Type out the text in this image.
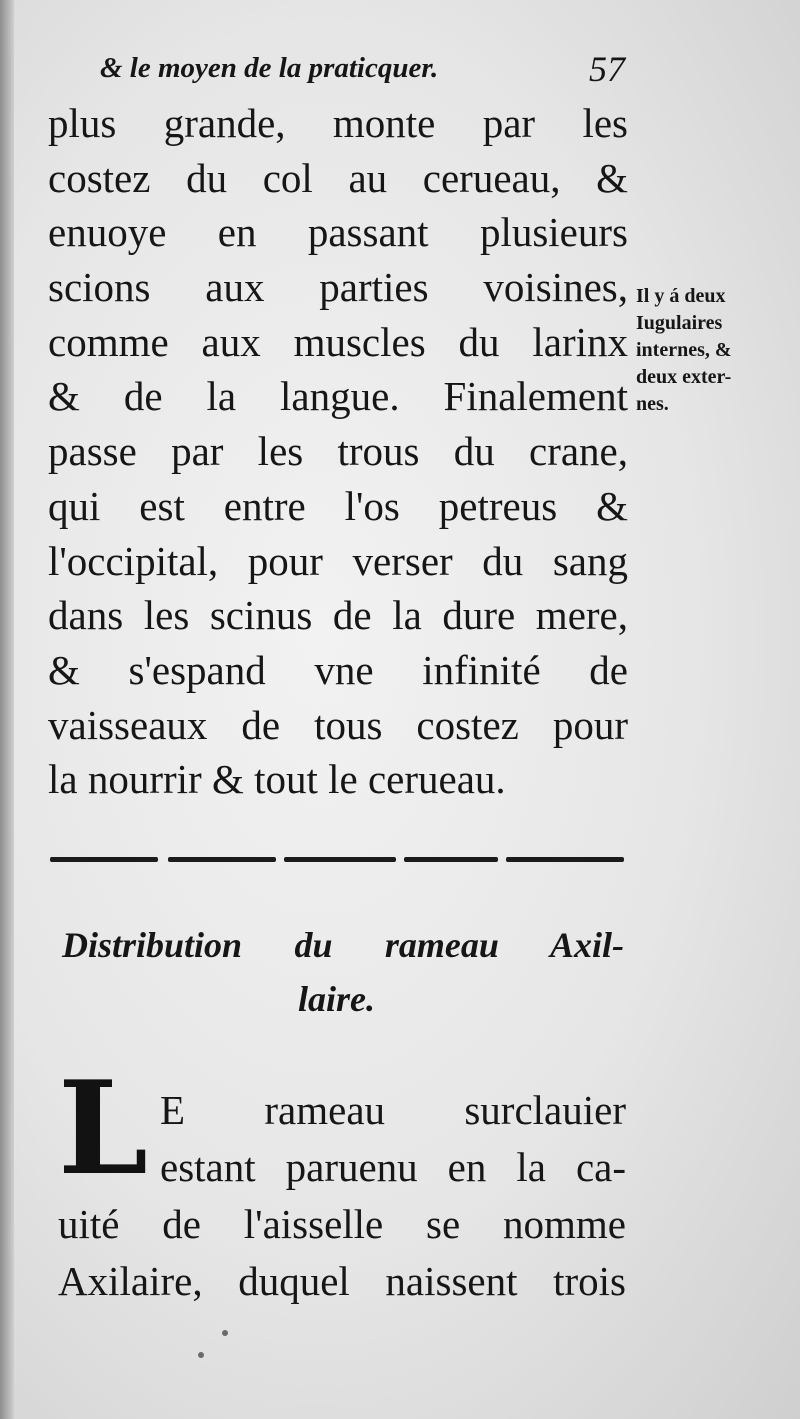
& le moyen de la praticquer.	57
plus grande, monte par les
costez du col au cerueau, &
enuoye en passant plusieurs
scions aux parties voisines,
comme aux muscles du larinx
& de la langue. Finalement
passe par les trous du crane,
qui est entre l'os petreus &
l'occipital, pour verser du sang
dans les scinus de la dure mere,
& s'espand vne infinité de
vaisseaux de tous costez pour
la nourrir & tout le cerueau.
Il y á deux
Iugulaires
internes, &
deux exter-
nes.
Distribution du rameau Axil-
laire.
L E rameau surclauier
estant paruenu en la ca-
uité de l'aisselle se nomme
Axilaire, duquel naissent trois
